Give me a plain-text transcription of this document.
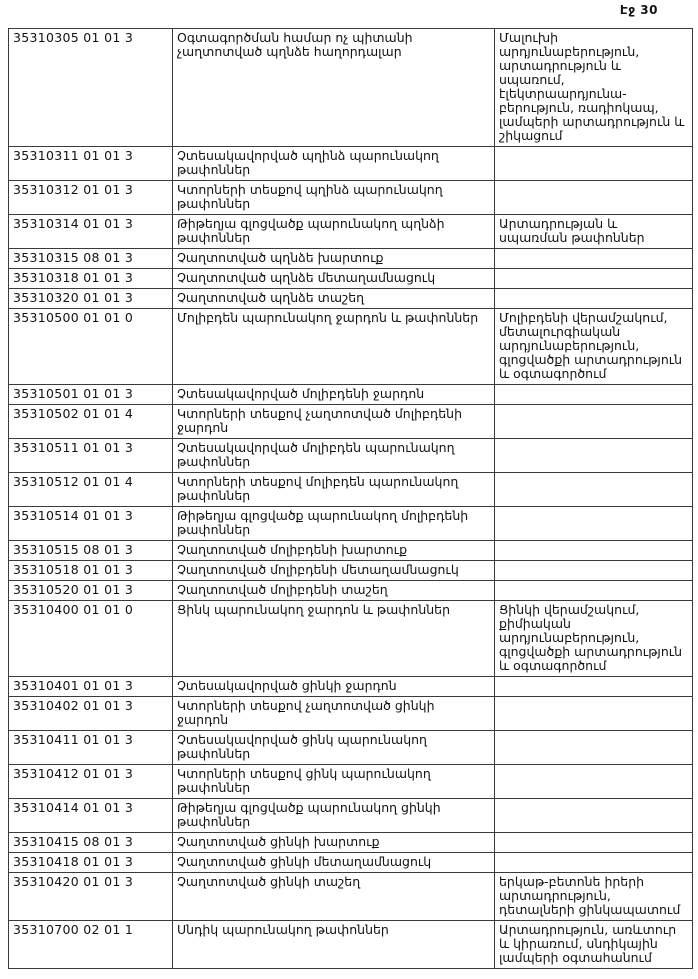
Էջ 30
35310305 01 01 3	Օգտագործման համար ոչ պիտանի չաղտոտված պղնձե հաղորդալար	Մալուխի արդյունաբերություն, արտադրություն և սպառում, էլեկտրաարդյունա-բերություն, ռադիոկապ, լամպերի արտադրություն և շիկացում
35310311 01 01 3	Չտեսակավորված պղինձ պարունակող թափոններ	
35310312 01 01 3	Կտորների տեսքով պղինձ պարունակող թափոններ	
35310314 01 01 3	Թիթեղյա գլոցվածք պարունակող պղնձի թափոններ	Արտադրության և սպառման թափոններ
35310315 08 01 3	Չաղտոտված պղնձե խարտուք	
35310318 01 01 3	Չաղտոտված պղնձե մետաղամնացուկ	
35310320 01 01 3	Չաղտոտված պղնձե տաշեղ	
35310500 01 01 0	Մոլիբդեն պարունակող ջարդոն և թափոններ	Մոլիբդենի վերամշակում, մետալուրգիական արդյունաբերություն, գլոցվածքի արտադրություն և օգտագործում
35310501 01 01 3	Չտեսակավորված մոլիբդենի ջարդոն	
35310502 01 01 4	Կտորների տեսքով չաղտոտված մոլիբդենի ջարդոն	
35310511 01 01 3	Չտեսակավորված մոլիբդեն պարունակող թափոններ	
35310512 01 01 4	Կտորների տեսքով մոլիբդեն պարունակող թափոններ	
35310514 01 01 3	Թիթեղյա գլոցվածք պարունակող մոլիբդենի թափոններ	
35310515 08 01 3	Չաղտոտված մոլիբդենի խարտուք	
35310518 01 01 3	Չաղտոտված մոլիբդենի մետաղամնացուկ	
35310520 01 01 3	Չաղտոտված մոլիբդենի տաշեղ	
35310400 01 01 0	Ցինկ պարունակող ջարդոն և թափոններ	Ցինկի վերամշակում, քիմիական արդյունաբերություն, գլոցվածքի արտադրություն և օգտագործում
35310401 01 01 3	Չտեսակավորված ցինկի ջարդոն	
35310402 01 01 3	Կտորների տեսքով չաղտոտված ցինկի ջարդոն	
35310411 01 01 3	Չտեսակավորված ցինկ պարունակող թափոններ	
35310412 01 01 3	Կտորների տեսքով ցինկ պարունակող թափոններ	
35310414 01 01 3	Թիթեղյա գլոցվածք պարունակող ցինկի թափոններ	
35310415 08 01 3	Չաղտոտված ցինկի խարտուք	
35310418 01 01 3	Չաղտոտված ցինկի մետաղամնացուկ	
35310420 01 01 3	Չաղտոտված ցինկի տաշեղ	երկաթ-բետոնե իրերի արտադրություն, դետալների ցինկապատում
35310700 02 01 1	Սնդիկ պարունակող թափոններ	Արտադրություն, առևտուր և կիրառում, սնդիկային լամպերի օգտահանում
